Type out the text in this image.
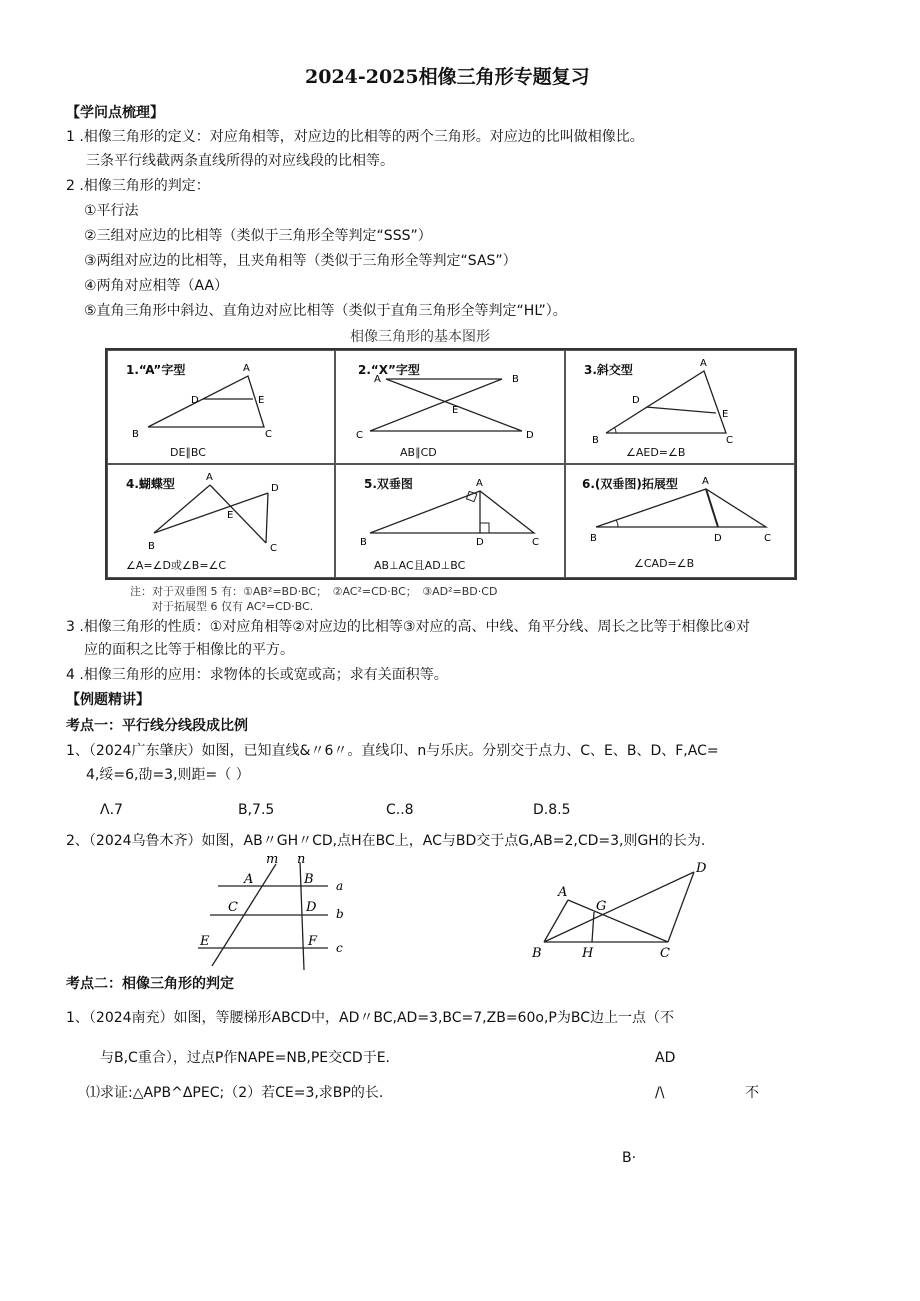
2024-2025相像三角形专题复习
【学问点梳理】
1 .相像三角形的定义：对应角相等，对应边的比相等的两个三角形。对应边的比叫做相像比。
三条平行线截两条直线所得的对应线段的比相等。
2 .相像三角形的判定：
①平行法
②三组对应边的比相等（类似于三角形全等判定“SSS”）
③两组对应边的比相等，且夹角相等（类似于三角形全等判定“SAS”）
④两角对应相等（AA）
⑤直角三角形中斜边、直角边对应比相等（类似于直角三角形全等判定“HL”）。
相像三角形的基本图形
1.“A”字型	A
D	E
B	C
DE∥BC
2.“X”字型
A	B
E
C	D
AB∥CD
3.斜交型	A
D
E
B	C
∠AED=∠B
4.蝴蝶型	A
D
E
B	C
∠A=∠D或∠B=∠C
5.双垂图	A
B	D	C
AB⊥AC且AD⊥BC
6.(双垂图)拓展型 A
B	D	C
∠CAD=∠B
注：对于双垂图 5 有：①AB²=BD·BC；　②AC²=CD·BC；　③AD²=BD·CD
对于拓展型 6 仅有 AC²=CD·BC.
3 .相像三角形的性质：①对应角相等②对应边的比相等③对应的高、中线、角平分线、周长之比等于相像比④对
应的面积之比等于相像比的平方。
4 .相像三角形的应用：求物体的长或宽或高；求有关面积等。
【例题精讲】
考点一：平行线分线段成比例
1、（2024广东肇庆）如图，已知直线&〃6〃。直线卬、n与乐庆。分别交于点力、C、E、B、D、F,AC=
4,绥=6,劭=3,则距=（ ）
Λ.7	B,7.5	C..8	D.8.5
2、（2024乌鲁木齐）如图，AB〃GH〃CD,点H在BC上，AC与BD交于点G,AB=2,CD=3,则GH的长为.
m n
a
b
c
A	B
C	D
E	F
A
D
G
B	H	C
考点二：相像三角形的判定
1、（2024南充）如图，等腰梯形ABCD中，AD〃BC,AD=3,BC=7,ZB=60o,P为BC边上一点（不
与B,C重合），过点P作NAPE=NB,PE交CD于E.
⑴求证:△APB^ΔPEC;（2）若CE=3,求BP的长.
AD
/\	不
B·
